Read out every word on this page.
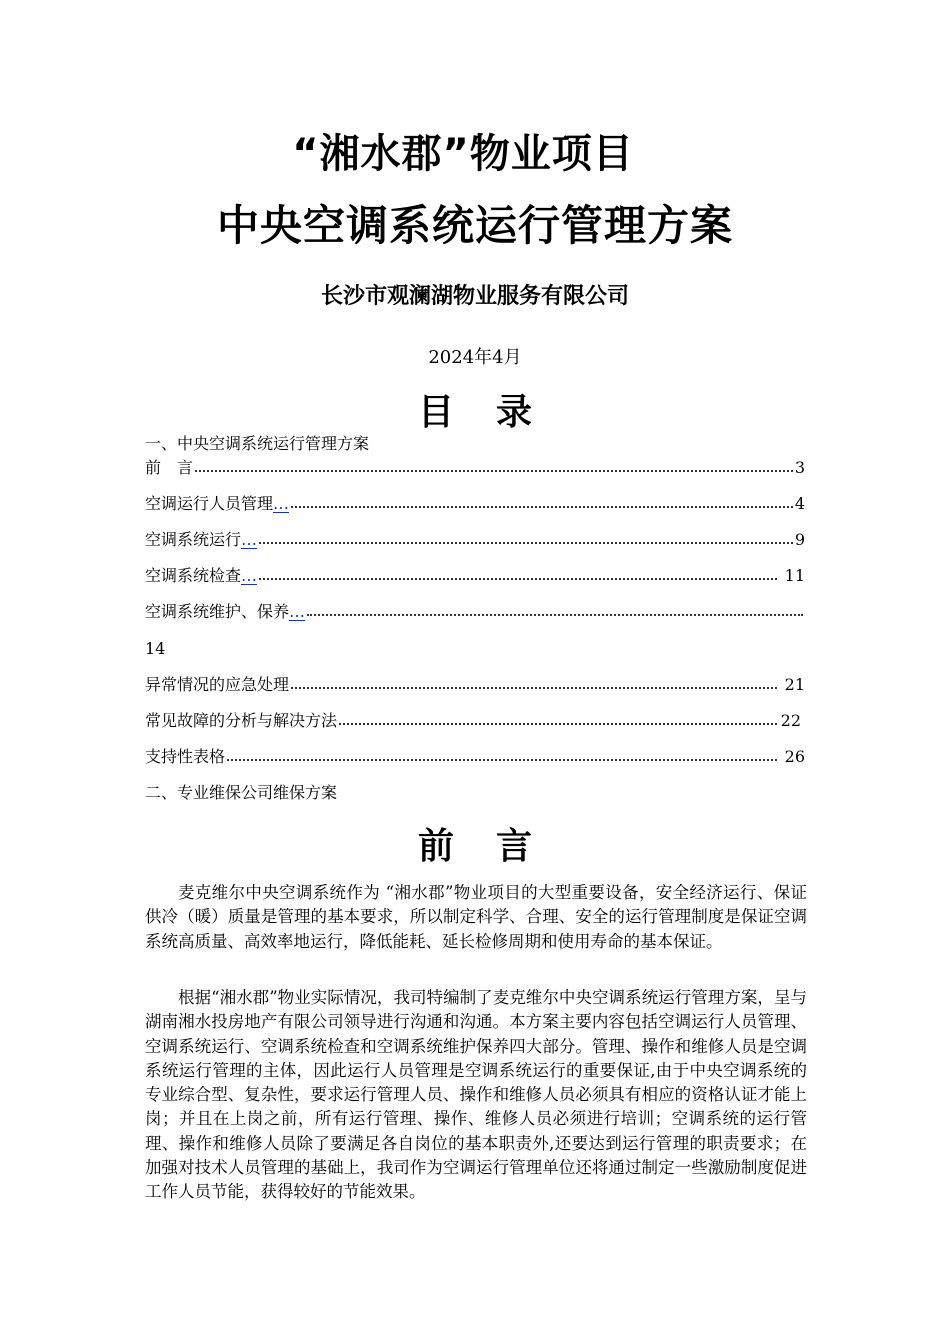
“湘水郡”物业项目
中央空调系统运行管理方案
长沙市观澜湖物业服务有限公司
2024年4月
目录
一、中央空调系统运行管理方案
前　言	3
空调运行人员管理 …	4
空调系统运行 …	9
空调系统检查 …	11
空调系统维护、保养 …
14
异常情况的应急处理	21
常见故障的分析与解决方法	22
支持性表格	26
二、专业维保公司维保方案
前言

麦克维尔中央空调系统作为 “湘水郡”物业项目的大型重要设备，安全经济运行、保证供冷（暖）质量是管理的基本要求，所以制定科学、合理、安全的运行管理制度是保证空调系统高质量、高效率地运行，降低能耗、延长检修周期和使用寿命的基本保证。

根据“湘水郡”物业实际情况，我司特编制了麦克维尔中央空调系统运行管理方案，呈与湖南湘水投房地产有限公司领导进行沟通和沟通。本方案主要内容包括空调运行人员管理、空调系统运行、空调系统检查和空调系统维护保养四大部分。管理、操作和维修人员是空调系统运行管理的主体，因此运行人员管理是空调系统运行的重要保证,由于中央空调系统的专业综合型、复杂性，要求运行管理人员、操作和维修人员必须具有相应的资格认证才能上岗；并且在上岗之前，所有运行管理、操作、维修人员必须进行培训；空调系统的运行管理、操作和维修人员除了要满足各自岗位的基本职责外,还要达到运行管理的职责要求；在加强对技术人员管理的基础上，我司作为空调运行管理单位还将通过制定一些激励制度促进工作人员节能，获得较好的节能效果。
